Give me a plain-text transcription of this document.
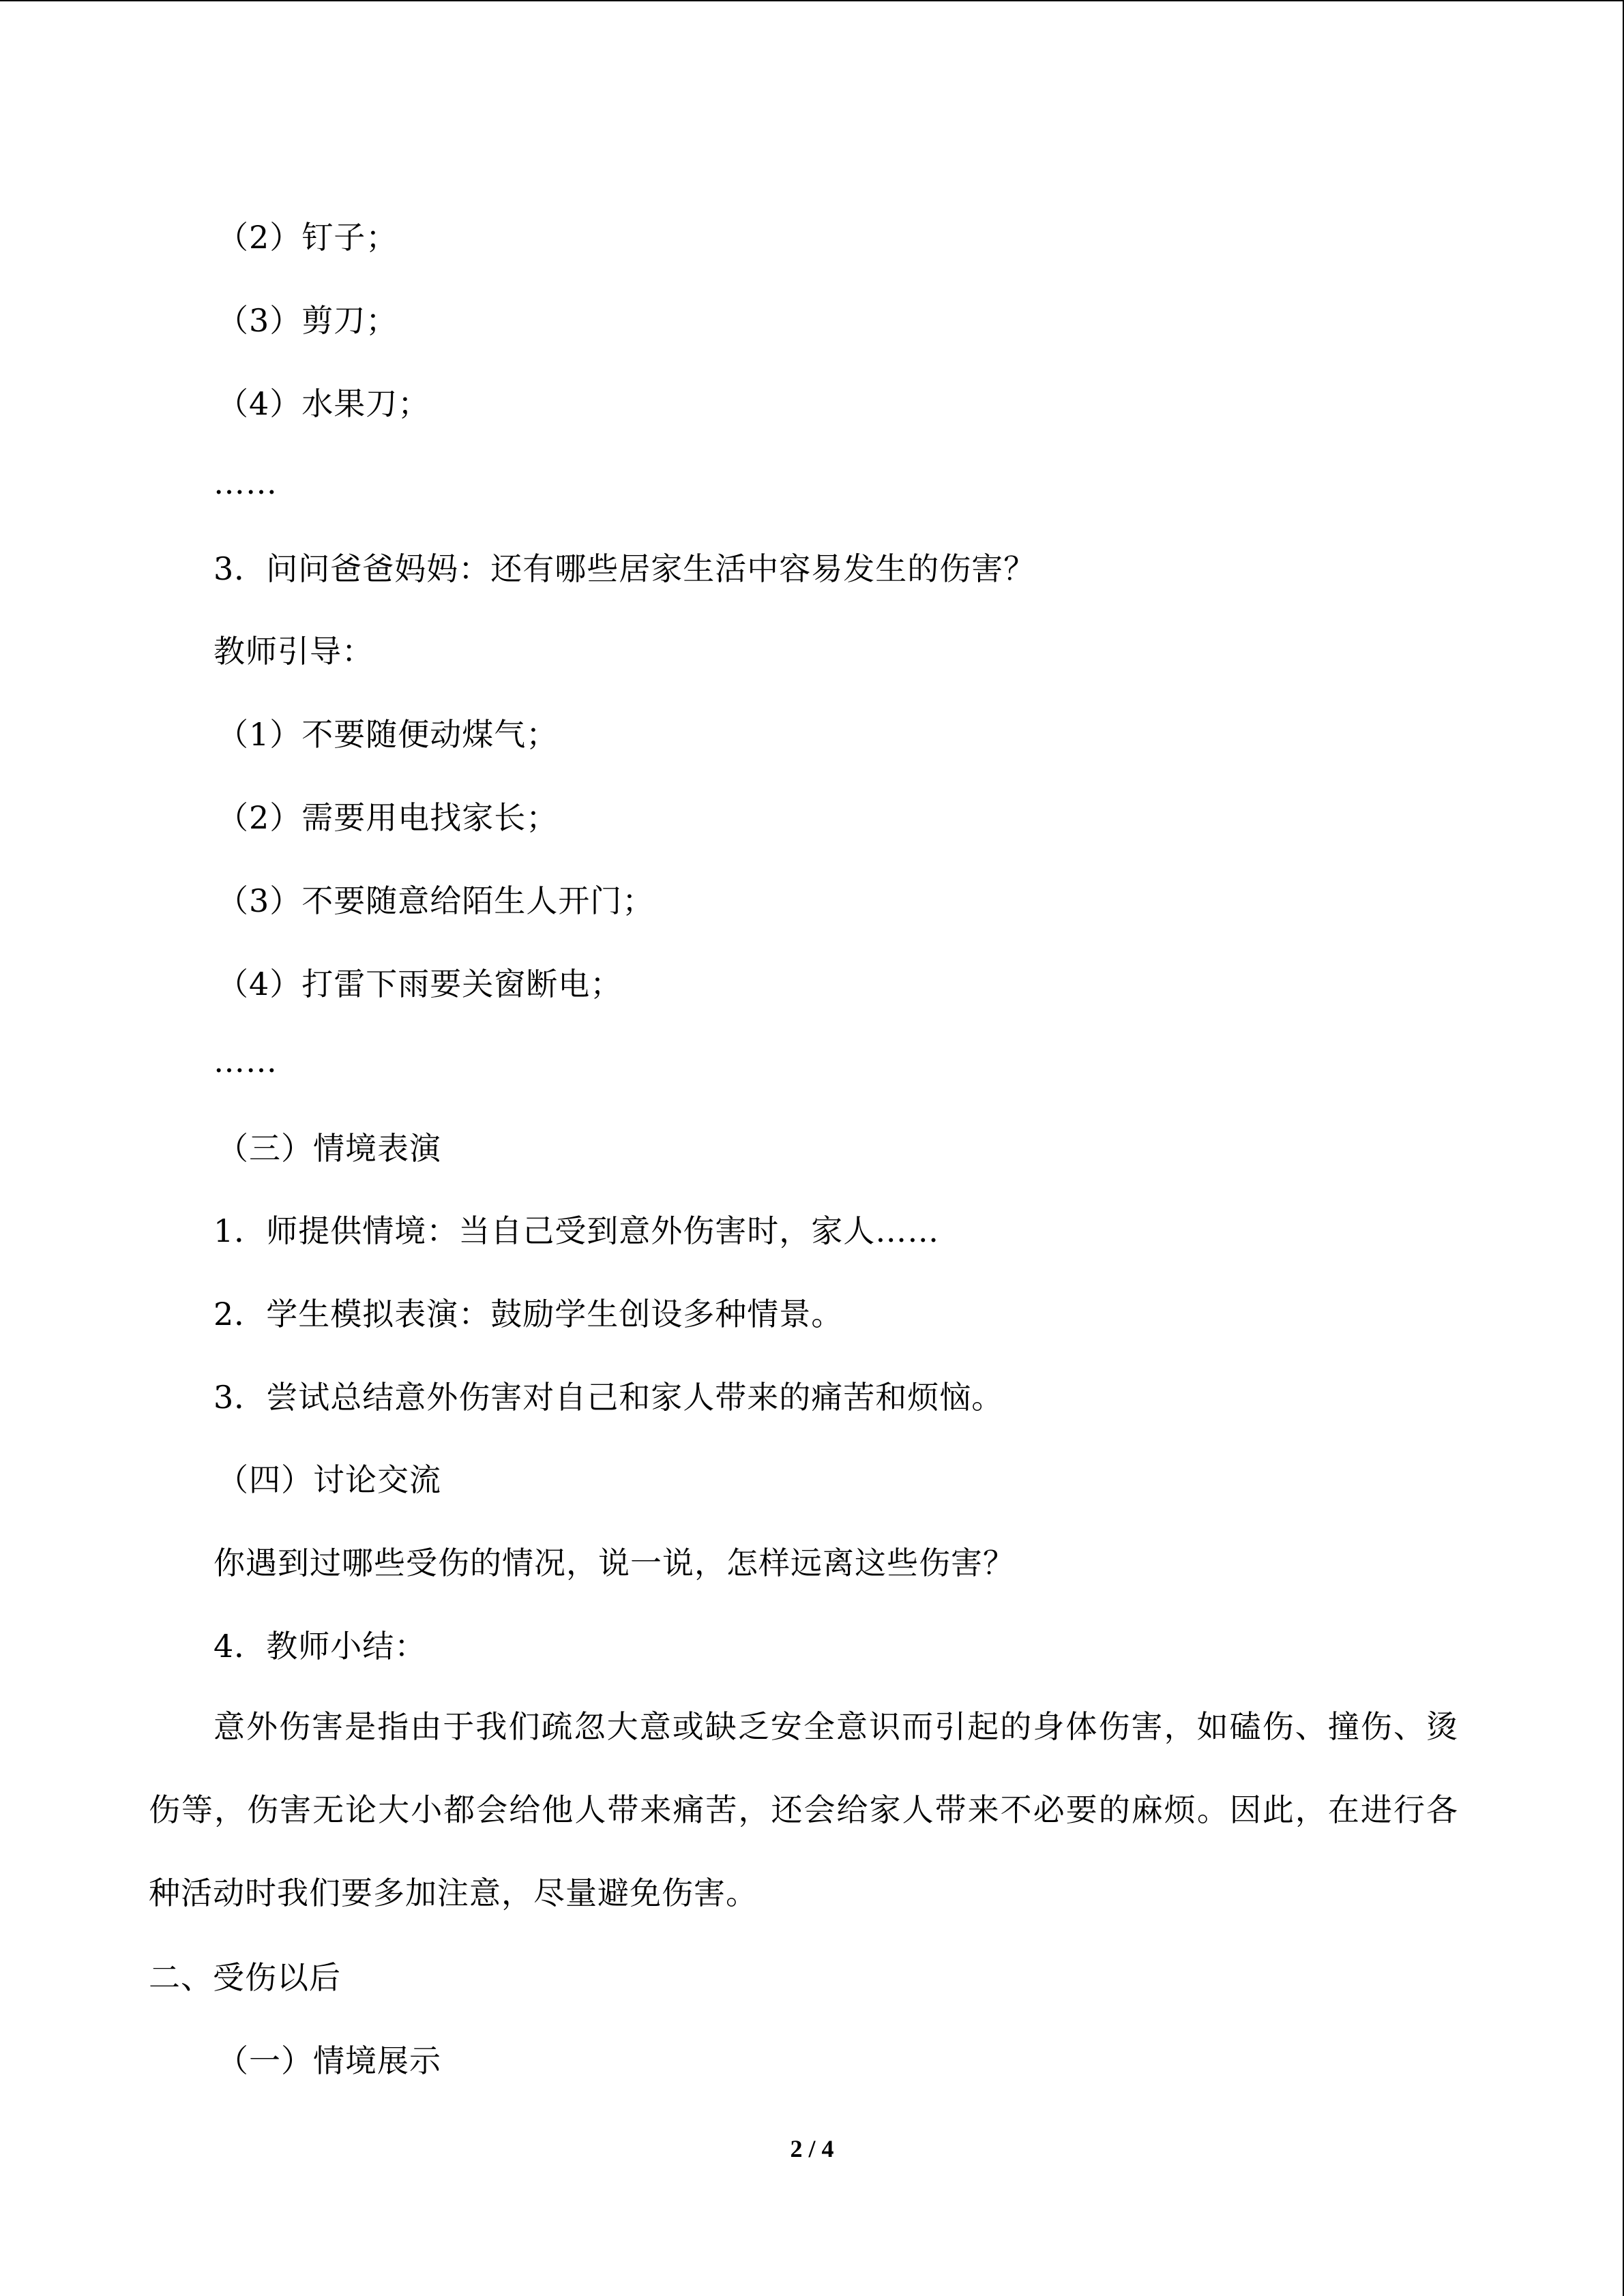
（2）钉子；
（3）剪刀；
（4）水果刀；
……
3．问问爸爸妈妈：还有哪些居家生活中容易发生的伤害？
教师引导：
（1）不要随便动煤气；
（2）需要用电找家长；
（3）不要随意给陌生人开门；
（4）打雷下雨要关窗断电；
……
（三）情境表演
1．师提供情境：当自己受到意外伤害时，家人……
2．学生模拟表演：鼓励学生创设多种情景。
3．尝试总结意外伤害对自己和家人带来的痛苦和烦恼。
（四）讨论交流
你遇到过哪些受伤的情况，说一说，怎样远离这些伤害？
4．教师小结：
意外伤害是指由于我们疏忽大意或缺乏安全意识而引起的身体伤害，如磕伤、撞伤、烫伤等，伤害无论大小都会给他人带来痛苦，还会给家人带来不必要的麻烦。因此，在进行各种活动时我们要多加注意，尽量避免伤害。
二、受伤以后
（一）情境展示
2 / 4
